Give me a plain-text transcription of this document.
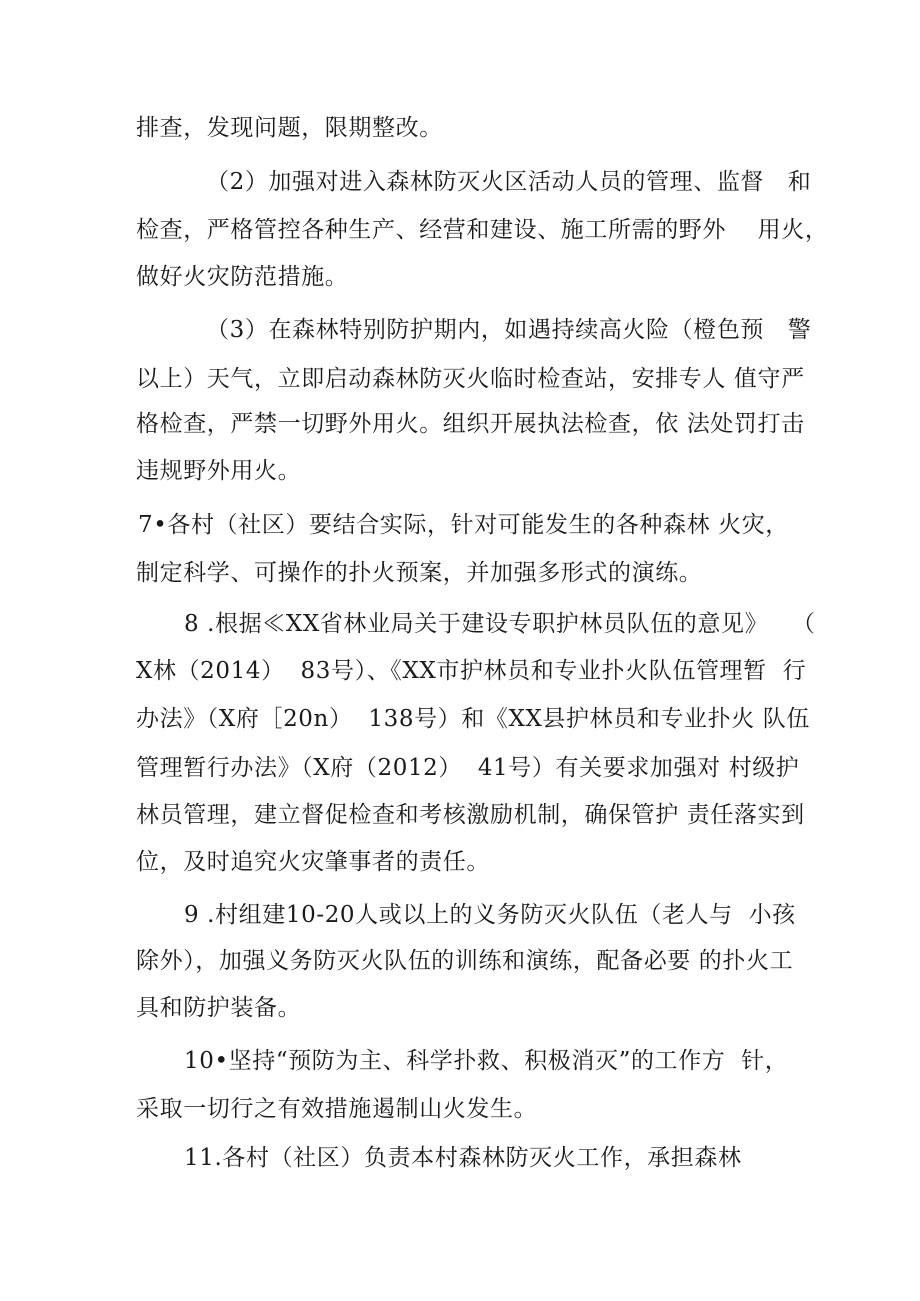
排查，发现问题，限期整改。
（2）加强对进入森林防灭火区活动人员的管理、监督   和
检查，严格管控各种生产、经营和建设、施工所需的野外    用火，
做好火灾防范措施。
（3）在森林特别防护期内，如遇持续高火险（橙色预   警
以上）天气，立即启动森林防灭火临时检查站，安排专人 值守严
格检查，严禁一切野外用火。组织开展执法检查，依 法处罚打击
违规野外用火。
7•各村（社区）要结合实际，针对可能发生的各种森林 火灾，
制定科学、可操作的扑火预案，并加强多形式的演练。
8 .根据≪XX省林业局关于建设专职护林员队伍的意见》   （
X林（2014）  83号）、《XX市护林员和专业扑火队伍管理暂  行
办法》（X府［20n）  138号）和《XX县护林员和专业扑火 队伍
管理暂行办法》（X府（2012）  41号）有关要求加强对 村级护
林员管理，建立督促检查和考核激励机制，确保管护 责任落实到
位，及时追究火灾肇事者的责任。
9 .村组建10-20人或以上的义务防灭火队伍（老人与  小孩
除外），加强义务防灭火队伍的训练和演练，配备必要 的扑火工
具和防护装备。
10•坚持“预防为主、科学扑救、积极消灭”的工作方  针，
采取一切行之有效措施遏制山火发生。
11.各村（社区）负责本村森林防灭火工作，承担森林
